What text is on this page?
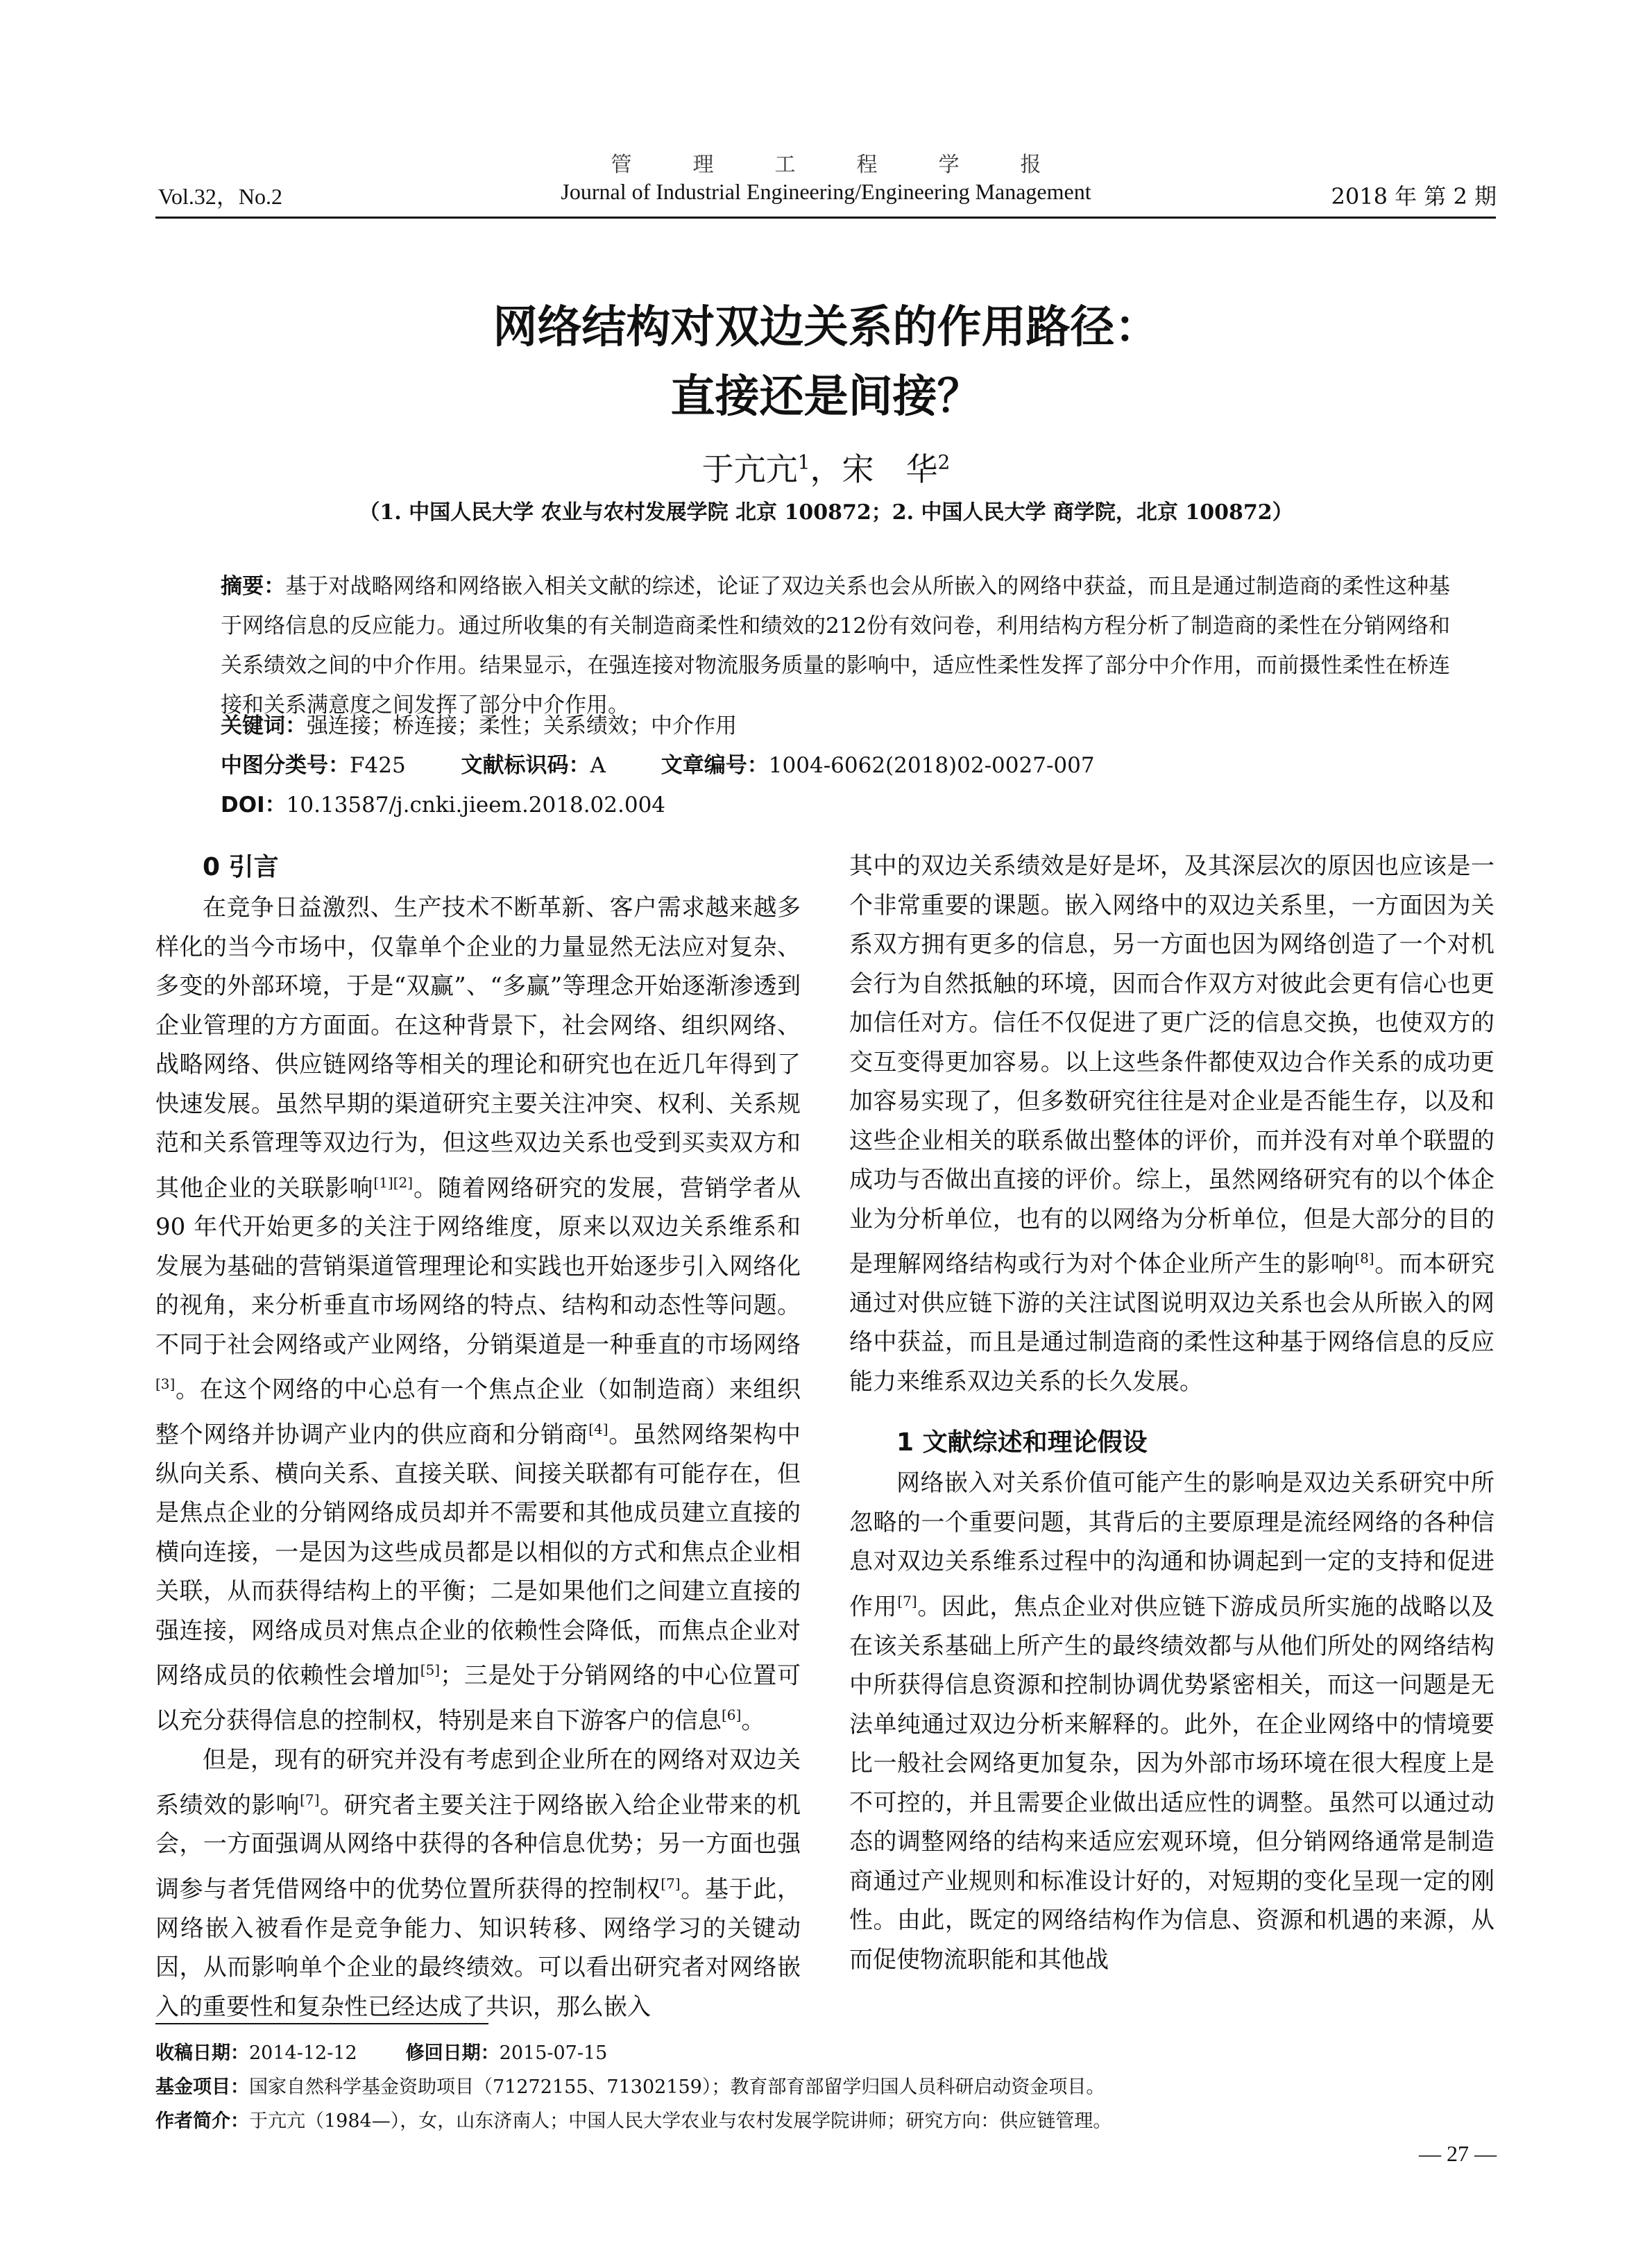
管理工程学报
Vol.32，No.2	Journal of Industrial Engineering/Engineering Management	2018 年 第 2 期
网络结构对双边关系的作用路径：
直接还是间接？
于亢亢$^1$，宋　华$^2$
（1. 中国人民大学 农业与农村发展学院 北京 100872；2. 中国人民大学 商学院，北京 100872）
摘要：基于对战略网络和网络嵌入相关文献的综述，论证了双边关系也会从所嵌入的网络中获益，而且是通过制造商的柔性这种基于网络信息的反应能力。通过所收集的有关制造商柔性和绩效的212份有效问卷，利用结构方程分析了制造商的柔性在分销网络和关系绩效之间的中介作用。结果显示，在强连接对物流服务质量的影响中，适应性柔性发挥了部分中介作用，而前摄性柔性在桥连接和关系满意度之间发挥了部分中介作用。
关键词：强连接；桥连接；柔性；关系绩效；中介作用
中图分类号：F425	文献标识码：A	文章编号：1004-6062(2018)02-0027-007
DOI：10.13587/j.cnki.jieem.2018.02.004

0 引言

在竞争日益激烈、生产技术不断革新、客户需求越来越多样化的当今市场中，仅靠单个企业的力量显然无法应对复杂、多变的外部环境，于是“双赢”、“多赢”等理念开始逐渐渗透到企业管理的方方面面。在这种背景下，社会网络、组织网络、战略网络、供应链网络等相关的理论和研究也在近几年得到了快速发展。虽然早期的渠道研究主要关注冲突、权利、关系规范和关系管理等双边行为，但这些双边关系也受到买卖双方和其他企业的关联影响[1][2]。随着网络研究的发展，营销学者从 90 年代开始更多的关注于网络维度，原来以双边关系维系和发展为基础的营销渠道管理理论和实践也开始逐步引入网络化的视角，来分析垂直市场网络的特点、结构和动态性等问题。不同于社会网络或产业网络，分销渠道是一种垂直的市场网络[3]。在这个网络的中心总有一个焦点企业（如制造商）来组织整个网络并协调产业内的供应商和分销商[4]。虽然网络架构中纵向关系、横向关系、直接关联、间接关联都有可能存在，但是焦点企业的分销网络成员却并不需要和其他成员建立直接的横向连接，一是因为这些成员都是以相似的方式和焦点企业相关联，从而获得结构上的平衡；二是如果他们之间建立直接的强连接，网络成员对焦点企业的依赖性会降低，而焦点企业对网络成员的依赖性会增加[5]；三是处于分销网络的中心位置可以充分获得信息的控制权，特别是来自下游客户的信息[6]。

但是，现有的研究并没有考虑到企业所在的网络对双边关系绩效的影响[7]。研究者主要关注于网络嵌入给企业带来的机会，一方面强调从网络中获得的各种信息优势；另一方面也强调参与者凭借网络中的优势位置所获得的控制权[7]。基于此，网络嵌入被看作是竞争能力、知识转移、网络学习的关键动因，从而影响单个企业的最终绩效。可以看出研究者对网络嵌入的重要性和复杂性已经达成了共识，那么嵌入

其中的双边关系绩效是好是坏，及其深层次的原因也应该是一个非常重要的课题。嵌入网络中的双边关系里，一方面因为关系双方拥有更多的信息，另一方面也因为网络创造了一个对机会行为自然抵触的环境，因而合作双方对彼此会更有信心也更加信任对方。信任不仅促进了更广泛的信息交换，也使双方的交互变得更加容易。以上这些条件都使双边合作关系的成功更加容易实现了，但多数研究往往是对企业是否能生存，以及和这些企业相关的联系做出整体的评价，而并没有对单个联盟的成功与否做出直接的评价。综上，虽然网络研究有的以个体企业为分析单位，也有的以网络为分析单位，但是大部分的目的是理解网络结构或行为对个体企业所产生的影响[8]。而本研究通过对供应链下游的关注试图说明双边关系也会从所嵌入的网络中获益，而且是通过制造商的柔性这种基于网络信息的反应能力来维系双边关系的长久发展。

1 文献综述和理论假设

网络嵌入对关系价值可能产生的影响是双边关系研究中所忽略的一个重要问题，其背后的主要原理是流经网络的各种信息对双边关系维系过程中的沟通和协调起到一定的支持和促进作用[7]。因此，焦点企业对供应链下游成员所实施的战略以及在该关系基础上所产生的最终绩效都与从他们所处的网络结构中所获得信息资源和控制协调优势紧密相关，而这一问题是无法单纯通过双边分析来解释的。此外，在企业网络中的情境要比一般社会网络更加复杂，因为外部市场环境在很大程度上是不可控的，并且需要企业做出适应性的调整。虽然可以通过动态的调整网络的结构来适应宏观环境，但分销网络通常是制造商通过产业规则和标准设计好的，对短期的变化呈现一定的刚性。由此，既定的网络结构作为信息、资源和机遇的来源，从而促使物流职能和其他战

收稿日期：2014-12-12	修回日期：2015-07-15
基金项目：国家自然科学基金资助项目（71272155、71302159）；教育部育部留学归国人员科研启动资金项目。
作者简介：于亢亢（1984—），女，山东济南人；中国人民大学农业与农村发展学院讲师；研究方向：供应链管理。
— 27 —
